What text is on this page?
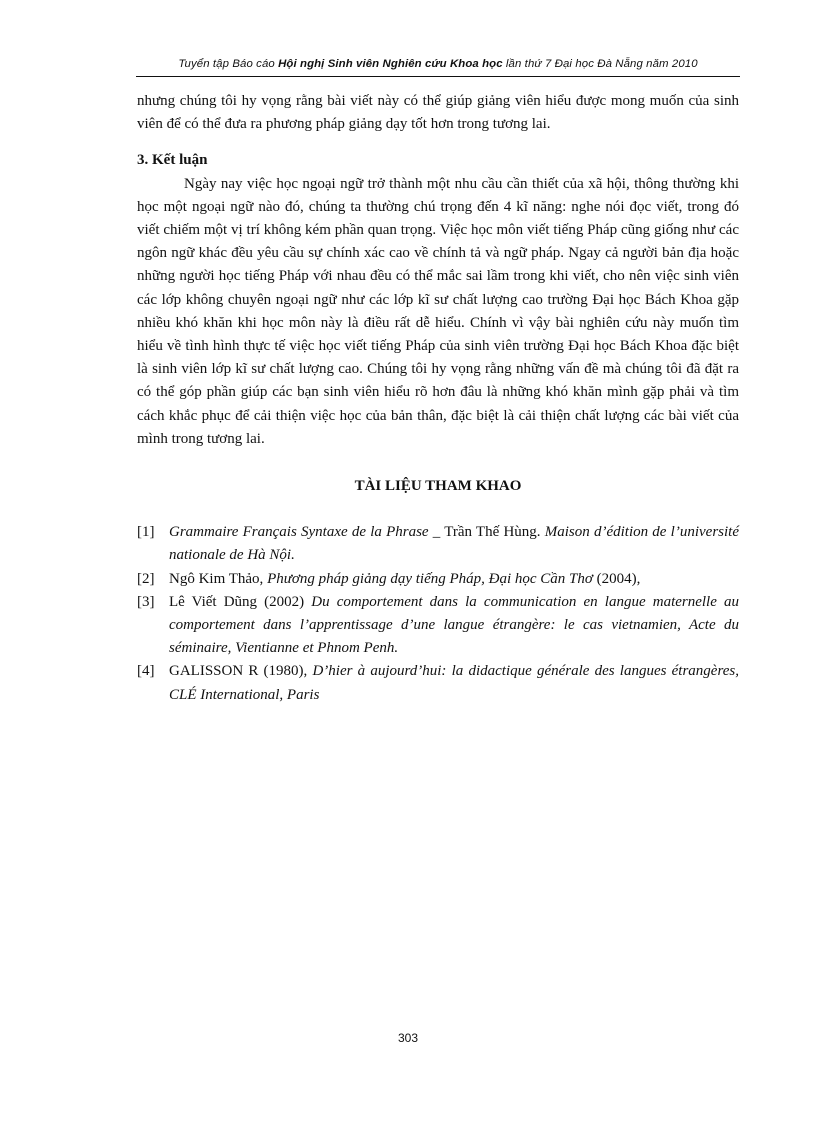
Tuyển tập Báo cáo Hội nghị Sinh viên Nghiên cứu Khoa học lần thứ 7 Đại học Đà Nẵng năm 2010

nhưng chúng tôi hy vọng rằng bài viết này có thể giúp giảng viên hiểu được mong muốn của sinh viên để có thể đưa ra phương pháp giảng dạy tốt hơn trong tương lai.

3. Kết luận

Ngày nay việc học ngoại ngữ trở thành một nhu cầu cần thiết của xã hội, thông thường khi học một ngoại ngữ nào đó, chúng ta thường chú trọng đến 4 kĩ năng: nghe nói đọc viết, trong đó viết chiếm một vị trí không kém phần quan trọng. Việc học môn viết tiếng Pháp cũng giống như các ngôn ngữ khác đều yêu cầu sự chính xác cao về chính tả và ngữ pháp. Ngay cả người bản địa hoặc những người học tiếng Pháp với nhau đều có thể mắc sai lầm trong khi viết, cho nên việc sinh viên các lớp không chuyên ngoại ngữ như các lớp kĩ sư chất lượng cao trường Đại học Bách Khoa gặp nhiều khó khăn khi học môn này là điều rất dễ hiểu. Chính vì vậy bài nghiên cứu này muốn tìm hiểu về tình hình thực tế việc học viết tiếng Pháp của sinh viên trường Đại học Bách Khoa đặc biệt là sinh viên lớp kĩ sư chất lượng cao. Chúng tôi hy vọng rằng những vấn đề mà chúng tôi đã đặt ra có thể góp phần giúp các bạn sinh viên hiểu rõ hơn đâu là những khó khăn mình gặp phải và tìm cách khắc phục để cải thiện việc học của bản thân, đặc biệt là cải thiện chất lượng các bài viết của mình trong tương lai.

TÀI LIỆU THAM KHAO

[1] Grammaire Français Syntaxe de la Phrase _ Trần Thế Hùng. Maison d’édition de l’université nationale de Hà Nội.
[2] Ngô Kim Thảo, Phương pháp giảng dạy tiếng Pháp, Đại học Cần Thơ (2004),
[3] Lê Viết Dũng (2002) Du comportement dans la communication en langue maternelle au comportement dans l’apprentissage d’une langue étrangère: le cas vietnamien, Acte du séminaire, Vientianne et Phnom Penh.
[4] GALISSON R (1980), D’hier à aujourd’hui: la didactique générale des langues étrangères, CLÉ International, Paris
303
